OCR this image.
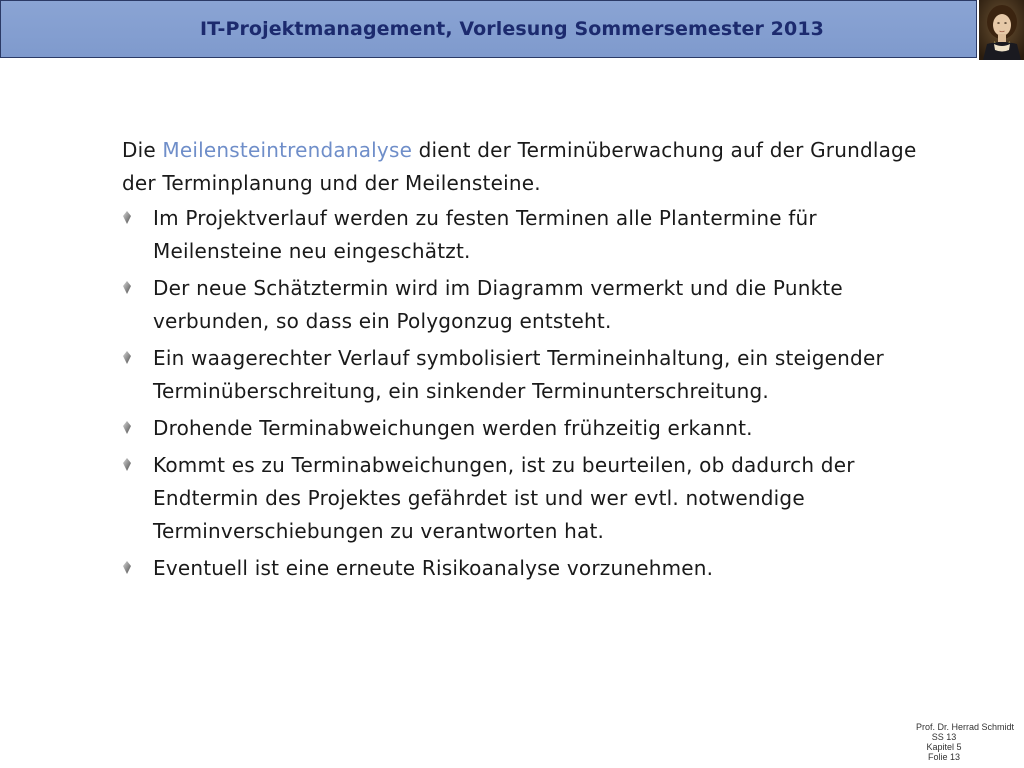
IT-Projektmanagement, Vorlesung Sommersemester 2013

Die Meilensteintrendanalyse dient der Terminüberwachung auf der Grundlage der Terminplanung und der Meilensteine.

Im Projektverlauf werden zu festen Terminen alle Plantermine für Meilensteine neu eingeschätzt.
Der neue Schätztermin wird im Diagramm vermerkt und die Punkte verbunden, so dass ein Polygonzug entsteht.
Ein waagerechter Verlauf symbolisiert Termineinhaltung, ein steigender Terminüberschreitung, ein sinkender Terminunterschreitung.
Drohende Terminabweichungen werden frühzeitig erkannt.
Kommt es zu Terminabweichungen, ist zu beurteilen, ob dadurch der Endtermin des Projektes gefährdet ist und wer evtl. notwendige Terminverschiebungen zu verantworten hat.
Eventuell ist eine erneute Risikoanalyse vorzunehmen.
Prof. Dr. Herrad Schmidt
SS 13
Kapitel 5
Folie 13
